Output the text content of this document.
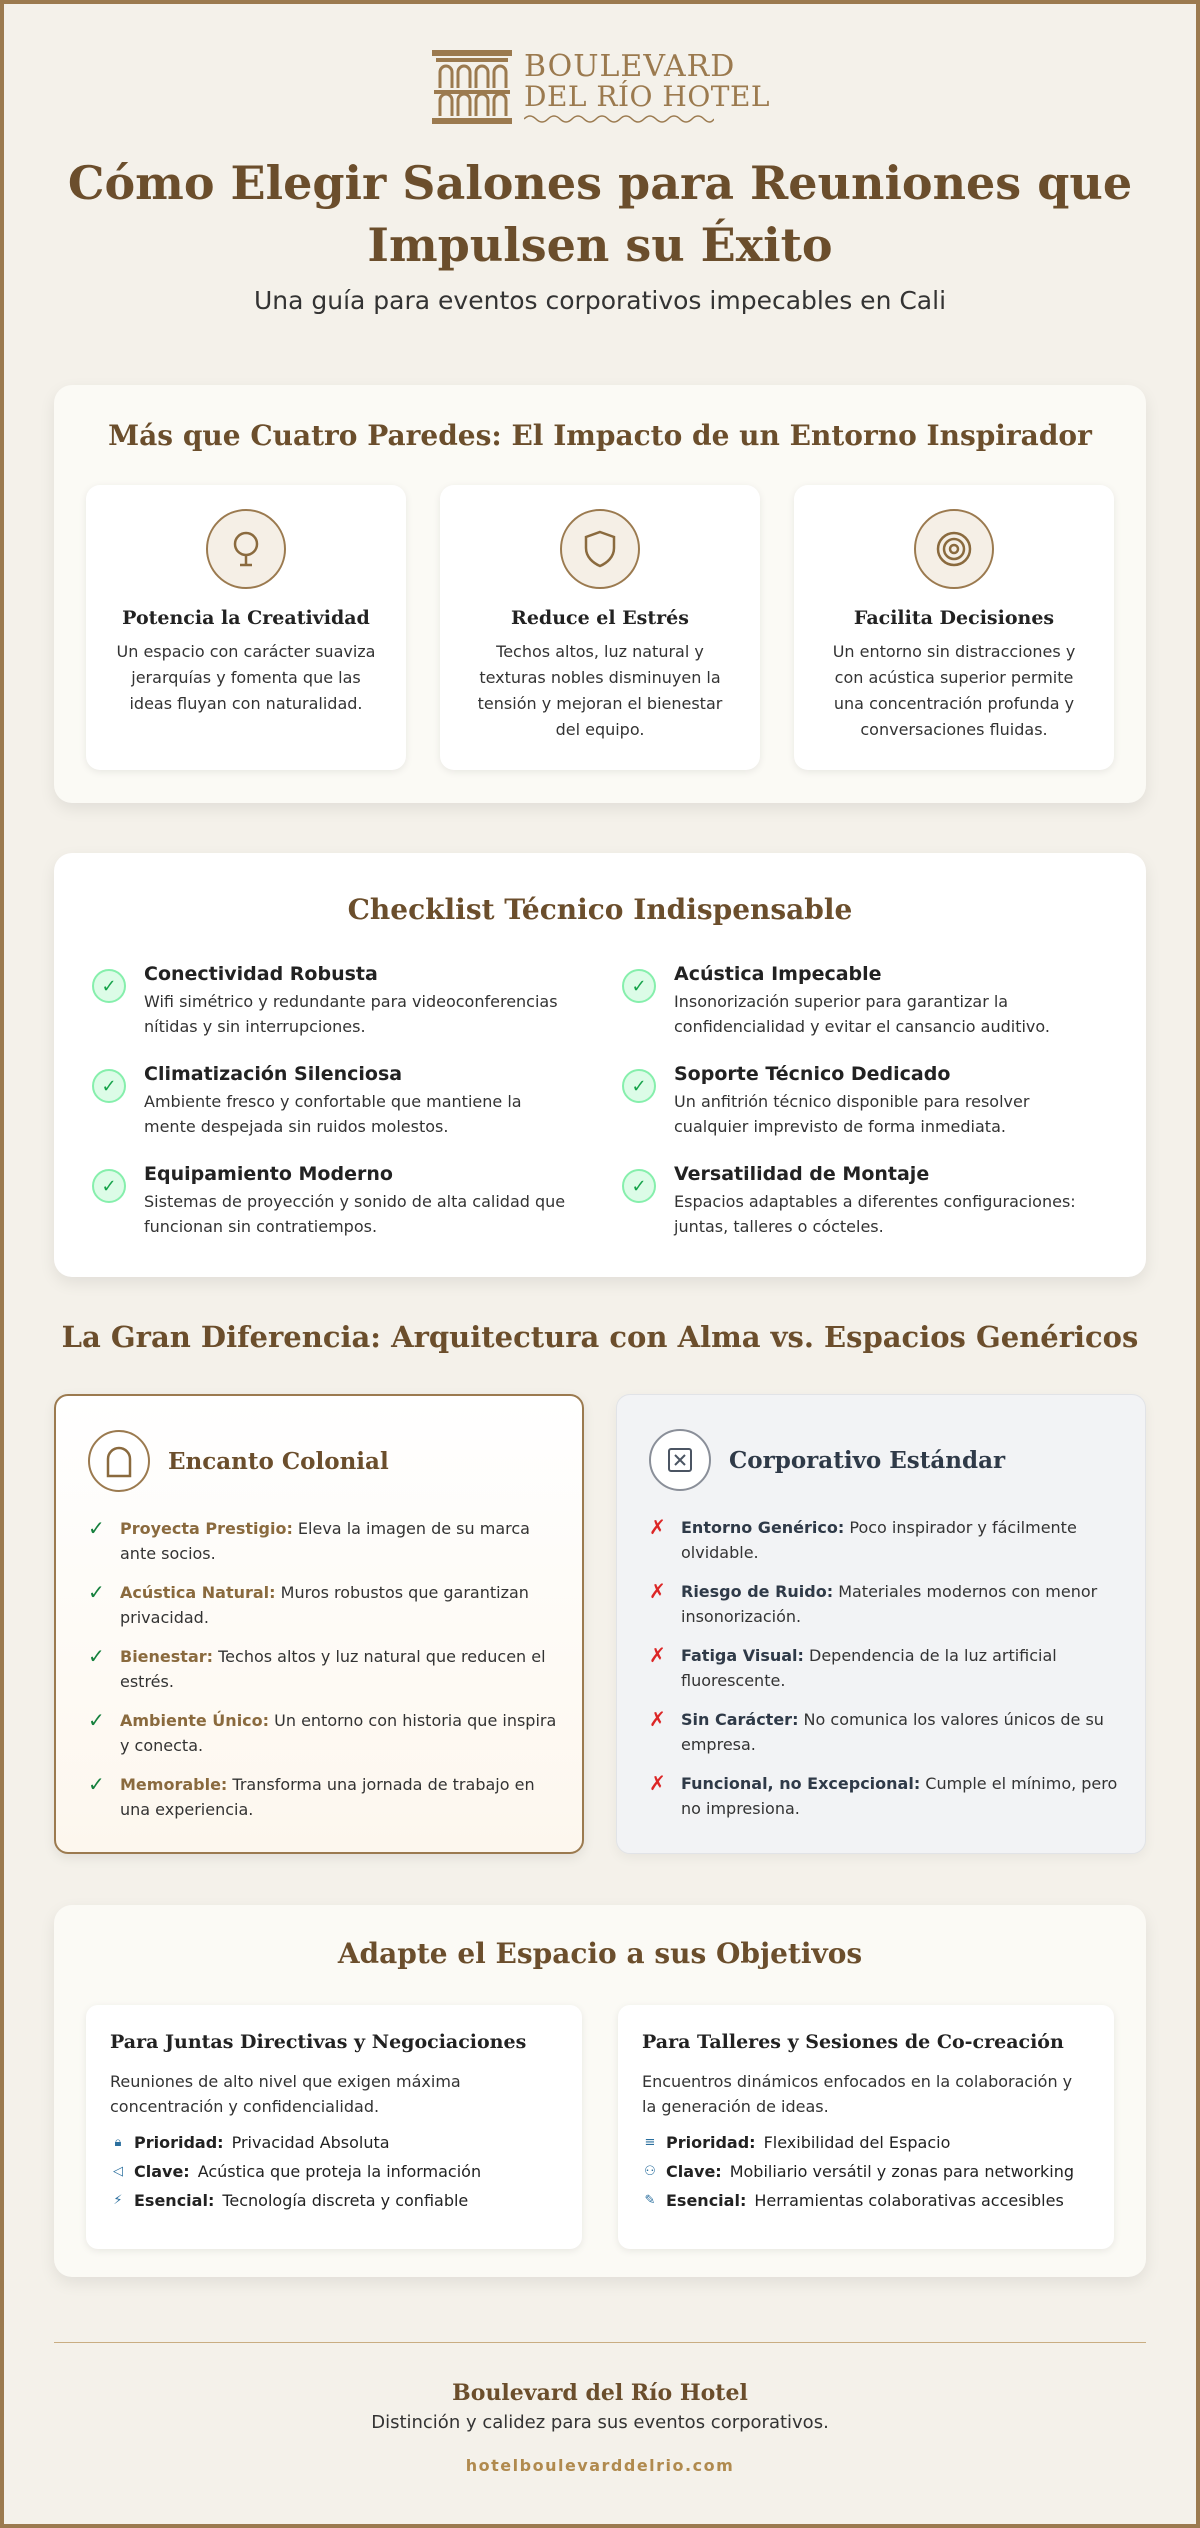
BOULEVARD
DEL RÍO HOTEL
Cómo Elegir Salones para Reuniones que Impulsen su Éxito
Una guía para eventos corporativos impecables en Cali
Más que Cuatro Paredes: El Impacto de un Entorno Inspirador
Potencia la Creatividad

Un espacio con carácter suaviza jerarquías y fomenta que las ideas fluyan con naturalidad.

Reduce el Estrés

Techos altos, luz natural y texturas nobles disminuyen la tensión y mejoran el bienestar del equipo.

Facilita Decisiones

Un entorno sin distracciones y con acústica superior permite una concentración profunda y conversaciones fluidas.

Checklist Técnico Indispensable
✓
Conectividad Robusta

Wifi simétrico y redundante para videoconferencias nítidas y sin interrupciones.

✓
Acústica Impecable

Insonorización superior para garantizar la confidencialidad y evitar el cansancio auditivo.

✓
Climatización Silenciosa

Ambiente fresco y confortable que mantiene la mente despejada sin ruidos molestos.

✓
Soporte Técnico Dedicado

Un anfitrión técnico disponible para resolver cualquier imprevisto de forma inmediata.

✓
Equipamiento Moderno

Sistemas de proyección y sonido de alta calidad que funcionan sin contratiempos.

✓
Versatilidad de Montaje

Espacios adaptables a diferentes configuraciones: juntas, talleres o cócteles.

La Gran Diferencia: Arquitectura con Alma vs. Espacios Genéricos
Encanto Colonial
✓ Proyecta Prestigio: Eleva la imagen de su marca ante socios.
✓ Acústica Natural: Muros robustos que garantizan privacidad.
✓ Bienestar: Techos altos y luz natural que reducen el estrés.
✓ Ambiente Único: Un entorno con historia que inspira y conecta.
✓ Memorable: Transforma una jornada de trabajo en una experiencia.
Corporativo Estándar
✗ Entorno Genérico: Poco inspirador y fácilmente olvidable.
✗ Riesgo de Ruido: Materiales modernos con menor insonorización.
✗ Fatiga Visual: Dependencia de la luz artificial fluorescente.
✗ Sin Carácter: No comunica los valores únicos de su empresa.
✗ Funcional, no Excepcional: Cumple el mínimo, pero no impresiona.
Adapte el Espacio a sus Objetivos
Para Juntas Directivas y Negociaciones

Reuniones de alto nivel que exigen máxima concentración y confidencialidad.

🔒︎ Prioridad: Privacidad Absoluta
◁ Clave: Acústica que proteja la información
⚡︎ Esencial: Tecnología discreta y confiable
Para Talleres y Sesiones de Co-creación

Encuentros dinámicos enfocados en la colaboración y la generación de ideas.

≡ Prioridad: Flexibilidad del Espacio
⚇ Clave: Mobiliario versátil y zonas para networking
✎ Esencial: Herramientas colaborativas accesibles
Boulevard del Río Hotel
Distinción y calidez para sus eventos corporativos.
hotelboulevarddelrio.com
